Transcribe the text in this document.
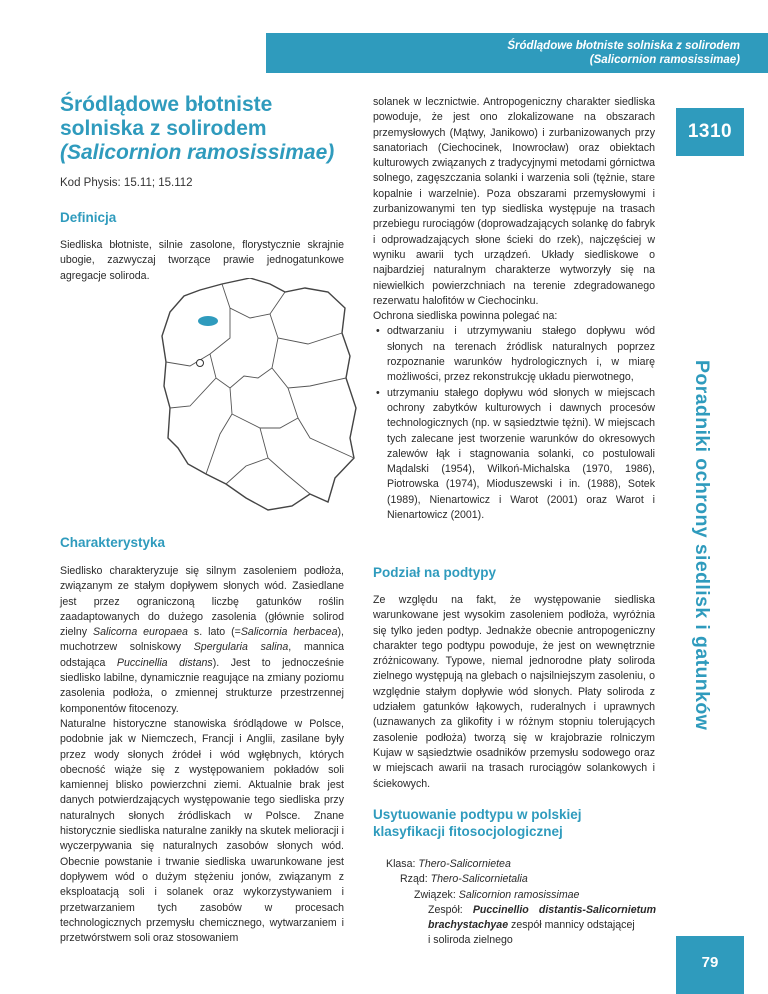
Śródlądowe błotniste solniska z solirodem
(Salicornion ramosissimae)
1310
Poradniki ochrony siedlisk i gatunków
79
Śródlądowe błotniste
solniska z solirodem
(Salicornion ramosissimae)
Kod Physis: 15.11; 15.112
Definicja
Siedliska błotniste, silnie zasolone, florystycznie skrajnie ubogie, zazwyczaj tworzące prawie jednogatunkowe agregacje soliroda.
Charakterystyka

Siedlisko charakteryzuje się silnym zasoleniem podłoża, związanym ze stałym dopływem słonych wód. Zasiedlane jest przez ograniczoną liczbę gatunków roślin zaadaptowanych do dużego zasolenia (głównie solirod zielny Salicorna europaea s. lato (=Salicornia herbacea), muchotrzew solniskowy Spergularia salina, mannica odstająca Puccinellia distans). Jest to jednocześnie siedlisko labilne, dynamicznie reagujące na zmiany poziomu zasolenia podłoża, o zmiennej strukturze przestrzennej komponentów fitocenozy.

Naturalne historyczne stanowiska śródlądowe w Polsce, podobnie jak w Niemczech, Francji i Anglii, zasilane były przez wody słonych źródeł i wód wgłębnych, których obecność wiąże się z występowaniem pokładów soli kamiennej blisko powierzchni ziemi. Aktualnie brak jest danych potwierdzających występowanie tego siedliska przy naturalnych słonych źródliskach w Polsce. Znane historycznie siedliska naturalne zanikły na skutek melioracji i wyczerpywania się naturalnych zasobów słonych wód. Obecnie powstanie i trwanie siedliska uwarunkowane jest dopływem wód o dużym stężeniu jonów, związanym z eksploatacją soli i solanek oraz wykorzystywaniem i przetwarzaniem tych zasobów w procesach technologicznych przemysłu chemicznego, wytwarzaniem i przetwórstwem soli oraz stosowaniem

solanek w lecznictwie. Antropogeniczny charakter siedliska powoduje, że jest ono zlokalizowane na obszarach przemysłowych (Mątwy, Janikowo) i zurbanizowanych przy sanatoriach (Ciechocinek, Inowrocław) oraz obiektach kulturowych związanych z tradycyjnymi metodami górnictwa solnego, zagęszczania solanki i warzenia soli (tężnie, stare kopalnie i warzelnie). Poza obszarami przemysłowymi i zurbanizowanymi ten typ siedliska występuje na trasach przebiegu rurociągów (doprowadzających solankę do fabryk i odprowadzających słone ścieki do rzek), najczęściej w wyniku awarii tych urządzeń. Układy siedliskowe o najbardziej naturalnym charakterze wytworzyły się na niewielkich powierzchniach na terenie zdegradowanego rezerwatu halofitów w Ciechocinku.

Ochrona siedliska powinna polegać na:

• odtwarzaniu i utrzymywaniu stałego dopływu wód słonych na terenach źródlisk naturalnych poprzez rozpoznanie warunków hydrologicznych i, w miarę możliwości, przez rekonstrukcję układu pierwotnego,
• utrzymaniu stałego dopływu wód słonych w miejscach ochrony zabytków kulturowych i dawnych procesów technologicznych (np. w sąsiedztwie tężni). W miejscach tych zalecane jest tworzenie warunków do okresowych zalewów łąk i stagnowania solanki, co postulowali Mądalski (1954), Wilkoń-Michalska (1970, 1986), Piotrowska (1974), Mioduszewski i in. (1988), Sotek (1989), Nienartowicz i Warot (2001) oraz Warot i Nienartowicz (2001).
Podział na podtypy
Ze względu na fakt, że występowanie siedliska warunkowane jest wysokim zasoleniem podłoża, wyróżnia się tylko jeden podtyp. Jednakże obecnie antropogeniczny charakter tego podtypu powoduje, że jest on wewnętrznie zróżnicowany. Typowe, niemal jednorodne płaty soliroda zielnego występują na glebach o najsilniejszym zasoleniu, o względnie stałym dopływie wód słonych. Płaty soliroda z udziałem gatunków łąkowych, ruderalnych i uprawnych (uznawanych za glikofity i w różnym stopniu tolerujących zasolenie podłoża) tworzą się w krajobrazie rolniczym Kujaw w sąsiedztwie osadników przemysłu sodowego oraz w miejscach awarii na trasach rurociągów solankowych i ściekowych.
Usytuowanie podtypu w polskiej
klasyfikacji fitosocjologicznej
Klasa: Thero-Salicornietea
Rząd: Thero-Salicornietalia
Związek: Salicornion ramosissimae
Zespół: Puccinellio distantis-Salicornietum brachystachyae zespół mannicy odstającej
i soliroda zielnego
